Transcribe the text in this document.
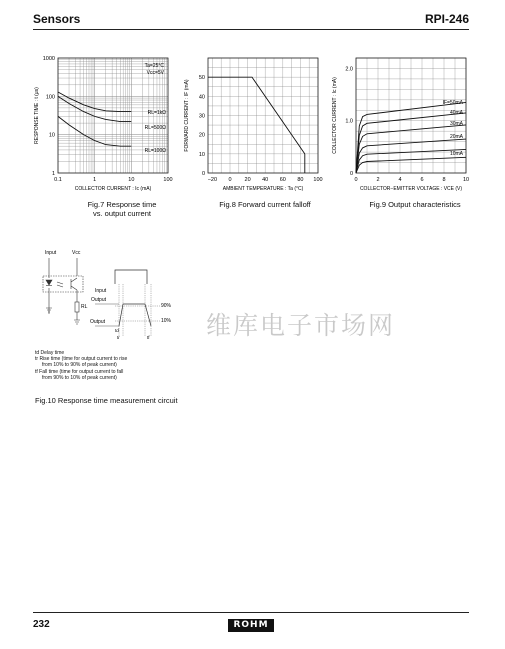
Sensors	RPI-246
0.1	1	10	100
1
10
100
1000
COLLECTOR CURRENT : Ic (mA)
RESPONSE TIME : t (μs)	RL=1kΩ
RL=500Ω
RL=100Ω
Ta=25°C
Vcc=5V
Fig.7 Response time
vs. output current
−20 0 20 40 60 80 100
0
10
20
30
40
50
AMBIENT TEMPERATURE : Ta (°C)
FORWARD CURRENT : IF (mA)
Fig.8 Forward current falloff
0	2	4	6	8	10
0
1.0
2.0
COLLECTOR−EMITTER VOLTAGE : VCE (V)
COLLECTOR CURRENT : Ic (mA)	IF=50mA
40mA
30mA
20mA
10mA
Fig.9 Output characteristics
Input	Vcc
RL
Input
Output
90%
10%
Output
td
tr	tf
td Delay time
tr Rise time (time for output current to rise
from 10% to 90% of peak current)
tf Fall time (time for output current to fall
from 90% to 10% of peak current)
Fig.10 Response time measurement circuit
维库电子市场网
232	ROHM
